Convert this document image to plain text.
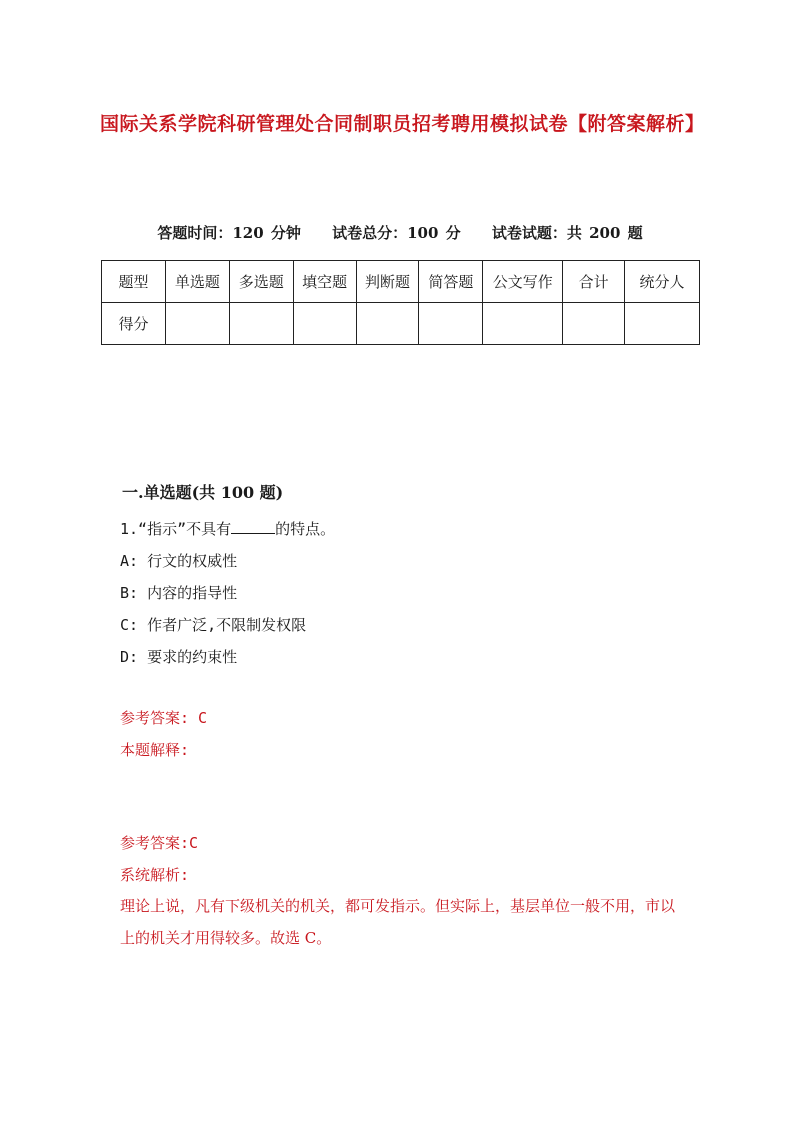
国际关系学院科研管理处合同制职员招考聘用模拟试卷【附答案解析】
答题时间：120 分钟 试卷总分：100 分 试卷试题：共 200 题
题型	单选题	多选题	填空题	判断题	简答题	公文写作	合计	统分人
得分								
一.单选题(共 100 题)
1.“指示”不具有	的特点。
A: 行文的权威性
B: 内容的指导性
C: 作者广泛,不限制发权限
D: 要求的约束性
参考答案: C
本题解释:
参考答案:C
系统解析:
理论上说，凡有下级机关的机关，都可发指示。但实际上，基层单位一般不用，市以上的机关才用得较多。故选 C。
